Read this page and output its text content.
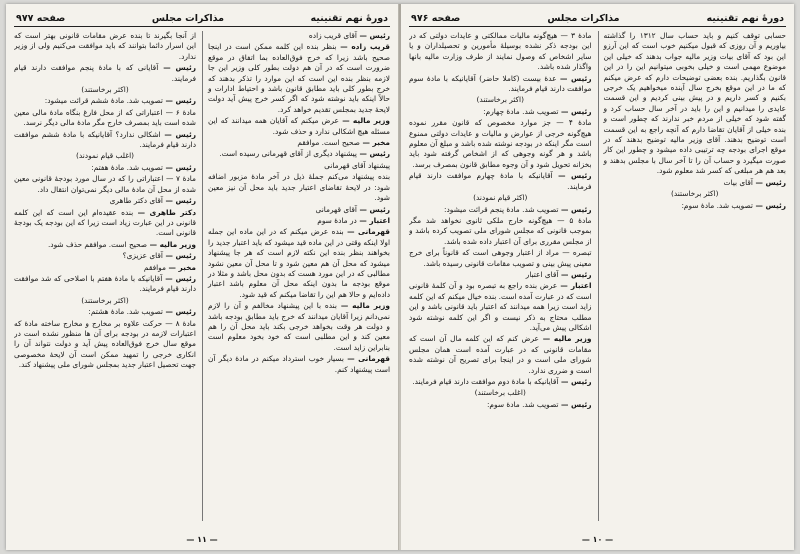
دورهٔ نهم تقنینیه
مذاکرات مجلس
صفحه ۹۷۷

رئیس — آقای قریب زاده

قریب زاده — بنظر بنده این کلمه ممکن است در اینجا صحیح باشد زیرا که خرج فوق‌العاده بما اتفاق در موقع ضرورت است که در آن هم دولت بطور کلی وزیر این جا لازمه بنظر بنده این است که این موارد را تذکر بدهند که خرج بطور کلی باید مطابق قانون باشد و احتیاط ادارات و حالاً اینکه باید نوشته شود که اگر کسر خرج پیش آید دولت لایحهٔ جدید بمجلس تقدیم خواهد کرد.

وزیر مالیه — عرض میکنم که آقایان همه میدانند که این مسئله هیچ اشکالی ندارد و حذف شود.

مخبر — صحیح است. موافقم

رئیس — پیشنهاد دیگری از آقای قهرمانی رسیده است.

پیشنهاد آقای قهرمانی

بنده پیشنهاد می‌کنم جملهٔ ذیل در آخر مادهٔ مزبور اضافه شود: در لایحهٔ تقاضای اعتبار جدید باید محل آن نیز معین شود.

رئیس — آقای قهرمانی

اعتبار — در مادهٔ سوم

قهرمانی — بنده عرض میکنم که در این ماده این جمله اولا اینکه وقتی در این ماده قید میشود که باید اعتبار جدید را بخواهند بنظر بنده این نکته لازم است که هر جا پیشنهاد میشود که محل آن هم معین شود و تا محل آن معین نشود مطالبی که در این مورد هست که بدون محل باشد و مثلا در موقع بودجه ما بدون اینکه محل آن معلوم باشد اعتبار داده‌ایم و حالا هم این را تقاضا میکنم که قید شود.

وزیر مالیه — بنده با این پیشنهاد مخالفم و آن را لازم نمی‌دانم زیرا آقایان میدانند که خرج باید مطابق بودجه باشد و دولت هر وقت بخواهد خرجی بکند باید محل آن را هم معین کند و این مطلبی است که خود بخود معلوم است بنابراین زاید است.

قهرمانی — بسیار خوب استرداد میکنم در مادهٔ دیگر آن است پیشنهاد کنم.

از آنجا بگیرند تا بنده عرض مقامات قانونی بهتر است که این اسرار دائما بتوانند که باید موافقت می‌کنیم ولی از وزیر ندارد.

رئیس — آقایانی که با مادهٔ پنجم موافقت دارند قیام فرمایند.

(اکثر برخاستند)

رئیس — تصویب شد. مادهٔ ششم قرائت میشود:

مادهٔ ۶ — اعتباراتی که از محل فارغ بنگاه مادهٔ مالی معین شده است باید بمصرف خارج مگر مادهٔ مالی دیگر نرسد.

رئیس — اشکالی ندارد؟ آقایانیکه با مادهٔ ششم موافقت دارند قیام فرمایند.

(اغلب قیام نمودند)

رئیس — تصویب شد. مادهٔ هفتم:

مادهٔ ۷ — اعتباراتی را که در سال مورد بودجهٔ قانونی معین شده از محل آن مادهٔ مالی دیگر نمی‌توان انتقال داد.

رئیس — آقای دکتر طاهری

دکتر طاهری — بنده عقیده‌ام این است که این کلمه قانونی در این عبارت زیاد است زیرا که این بودجه یک بودجهٔ قانونی است.

وزیر مالیه — صحیح است. موافقم حذف شود.

رئیس — آقای عزیزی؟

مخبر — موافقم

رئیس — آقایانیکه با مادهٔ هفتم با اصلاحی که شد موافقت دارند قیام فرمایند.

(اکثر برخاستند)

رئیس — تصویب شد. مادهٔ هشتم:

مادهٔ ۸ — حرکت علاوه بر مخارج و مخارج ساخته مادهٔ که اعتبارات لازمه در بودجه برای آن ها منظور نشده است در موقع سال خرج فوق‌العاده پیش آید و دولت نتواند آن را انکاری خرجی را تمهید ممکن است آن لایحهٔ مخصوصی جهت تحصیل اعتبار جدید بمجلس شورای ملی پیشنهاد کند.

— ۱۱ —
دورهٔ نهم تقنینیه
مذاکرات مجلس
صفحه ۹۷۶

حسابی توقف کنیم و باید حساب سال ۱۳۱۲ را گذاشته بیاوریم و آن روزی که قبول میکنیم خوب است که این آرزو این بود که آقای بیات وزیر مالیه جواب بدهند که خیلی این موضوع مهمی است و خیلی بخوبی میتوانیم این را در این قانون بگذاریم. بنده بعضی توضیحات دارم که عرض میکنم که ما در این موقع بخرج سال آینده میخواهیم یک خرجی بکنیم و کسر داریم و در پیش بینی کردیم و این قسمت عایدی را میدانیم و این را باید در آخر سال حساب کرد و گفته شود که خیلی از مردم خبر ندارند که چطور است و بنده خیلی از آقایان تقاضا دارم که آنچه راجع به این قسمت است توضیح بدهند. آقای وزیر مالیه توضیح بدهند که در موقع اجرای بودجه چه ترتیبی داده میشود و چطور این کار صورت میگیرد و حساب آن را تا آخر سال با مجلس بدهند و بعد هم هر مبلغی که کسر شد معلوم شود.

رئیس — آقای بیات

(اکثر برخاستند)

رئیس — تصویب شد. مادهٔ سوم:

مادهٔ ۳ — هیچ‌گونه مالیات ممالکتی و عایدات دولتی که در این بودجه ذکر نشده بوسیلهٔ مأمورین و تحصیلداران و یا سایر اشخاص که وصول نمایند از طرف وزارت مالیه بانها واگذار شده باشد.

رئیس — عدهٔ بیست (کاملا حاضر) آقایانیکه با مادهٔ سوم موافقت دارند قیام فرمایند.

(اکثر برخاستند)

رئیس — تصویب شد. مادهٔ چهارم:

مادهٔ ۴ — جز موارد مخصوص که قانون مقرر نموده هیچ‌گونه خرجی از عوارض و مالیات و عایدات دولتی ممنوع است مگر اینکه در بودجه نوشته شده باشد و مبلغ آن معلوم باشد و هر گونه وجوهی که از اشخاص گرفته شود باید بخزانه تحویل شود و آن وجوه مطابق قانون بمصرف برسد.

رئیس — آقایانیکه با مادهٔ چهارم موافقت دارند قیام فرمایند.

(اکثر قیام نمودند)

رئیس — تصویب شد. مادهٔ پنجم قرائت میشود:

مادهٔ ۵ — هیچ‌گونه خارج ملکی ثانوی نخواهد شد مگر بموجب قانونی که مجلس شورای ملی تصویب کرده باشد و از مجلس مقرری برای آن اعتبار داده شده باشد.

تبصره — مراد از اعتبار وجوهی است که قانوناً برای خرج معینی پیش بینی و تصویب مقامات قانونی رسیده باشد.

رئیس — آقای اعتبار

اعتبار — عرض بنده راجع به تبصره بود و آن کلمهٔ قانونی است که در عبارت آمده است. بنده خیال میکنم که این کلمه زاید است زیرا همه میدانند که اعتبار باید قانونی باشد و این مطلب محتاج به ذکر نیست و اگر این کلمه نوشته شود اشکالی پیش می‌آید.

وزیر مالیه — عرض کنم که این کلمه مال آن است که مقامات قانونی که در عبارت آمده است همان مجلس شورای ملی است و در اینجا برای تصریح آن نوشته شده است و ضرری ندارد.

رئیس — آقایانیکه با مادهٔ دوم موافقت دارند قیام فرمایند.

(اغلب برخاستند)

رئیس — تصویب شد. مادهٔ سوم:

— ۱۰ —
